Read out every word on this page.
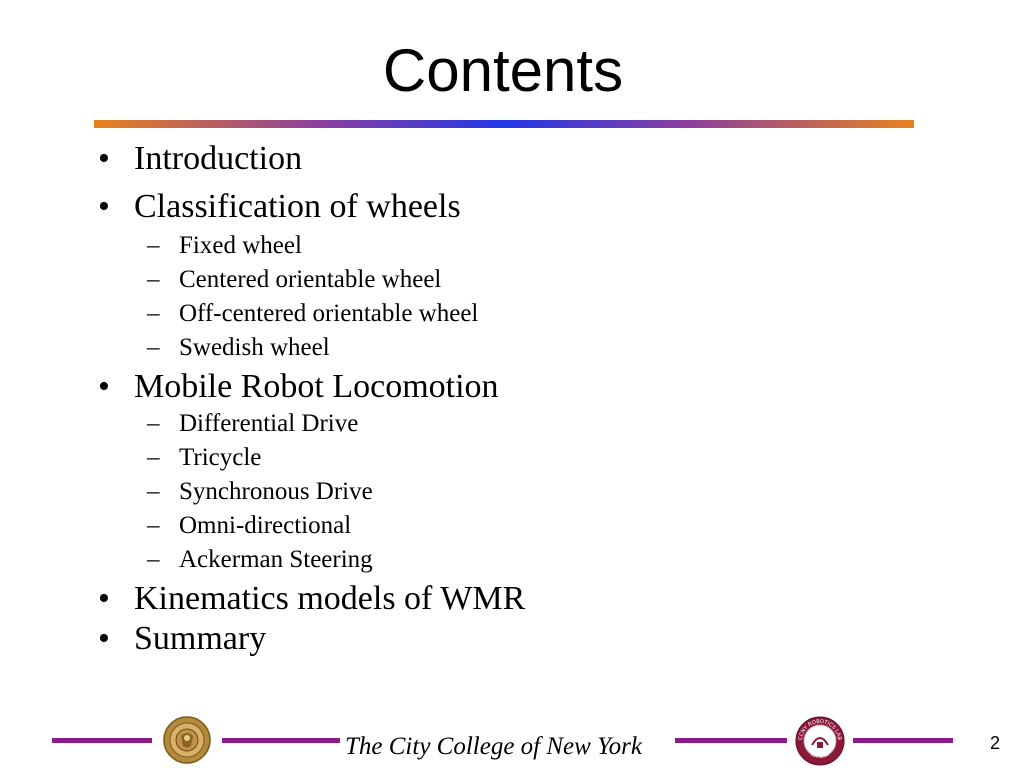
Contents
• Introduction
• Classification of wheels
– Fixed wheel
– Centered orientable wheel
– Off-centered orientable wheel
– Swedish wheel
• Mobile Robot Locomotion
– Differential Drive
– Tricycle
– Synchronous Drive
– Omni-directional
– Ackerman Steering
• Kinematics models of WMR
• Summary
The City College of New York	CCNY ROBOTICS LAB
EST. 2008
2
